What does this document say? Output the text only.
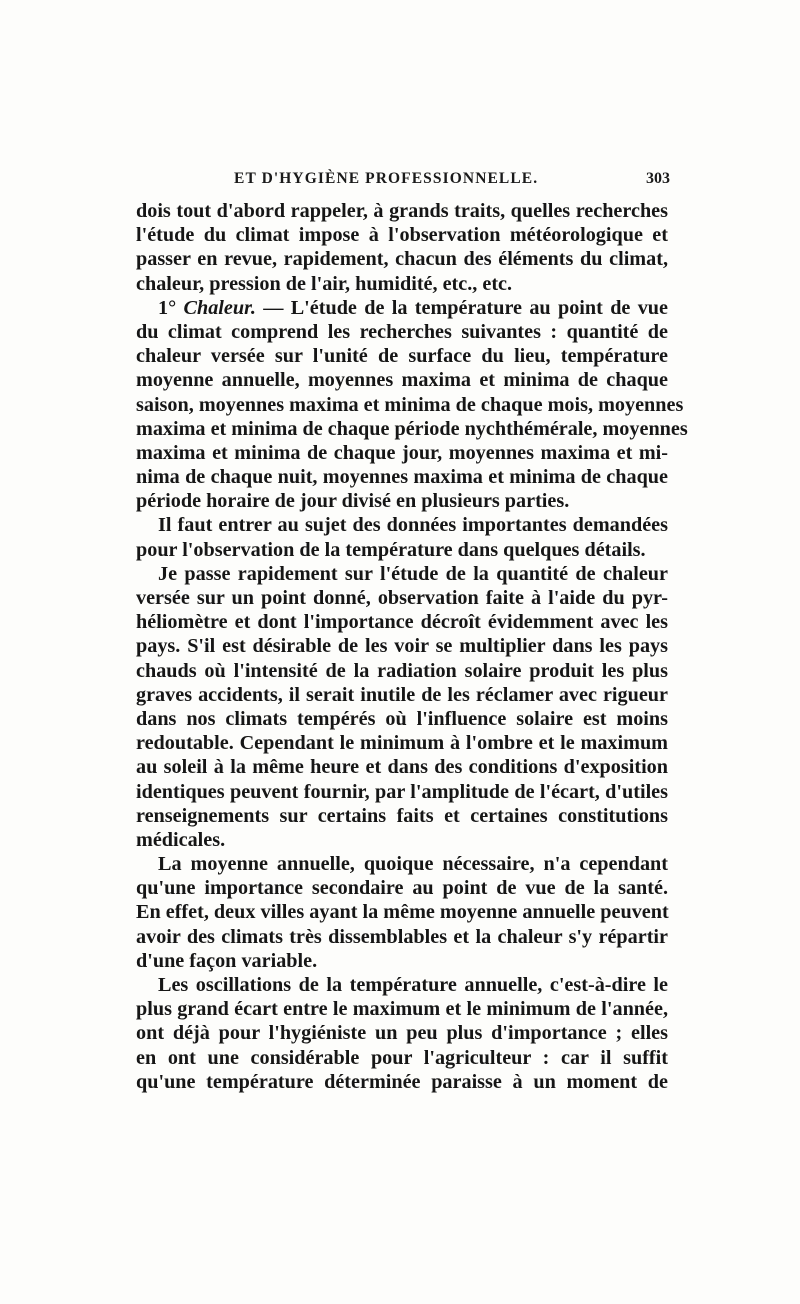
ET D'HYGIÈNE PROFESSIONNELLE.	303
dois tout d'abord rappeler, à grands traits, quelles recherches
l'étude du climat impose à l'observation météorologique et
passer en revue, rapidement, chacun des éléments du climat,
chaleur, pression de l'air, humidité, etc., etc.
1° Chaleur. — L'étude de la température au point de vue
du climat comprend les recherches suivantes : quantité de
chaleur versée sur l'unité de surface du lieu, température
moyenne annuelle, moyennes maxima et minima de chaque
saison, moyennes maxima et minima de chaque mois, moyennes
maxima et minima de chaque période nychthémérale, moyennes
maxima et minima de chaque jour, moyennes maxima et mi-
nima de chaque nuit, moyennes maxima et minima de chaque
période horaire de jour divisé en plusieurs parties.
Il faut entrer au sujet des données importantes demandées
pour l'observation de la température dans quelques détails.
Je passe rapidement sur l'étude de la quantité de chaleur
versée sur un point donné, observation faite à l'aide du pyr-
héliomètre et dont l'importance décroît évidemment avec les
pays. S'il est désirable de les voir se multiplier dans les pays
chauds où l'intensité de la radiation solaire produit les plus
graves accidents, il serait inutile de les réclamer avec rigueur
dans nos climats tempérés où l'influence solaire est moins
redoutable. Cependant le minimum à l'ombre et le maximum
au soleil à la même heure et dans des conditions d'exposition
identiques peuvent fournir, par l'amplitude de l'écart, d'utiles
renseignements sur certains faits et certaines constitutions
médicales.
La moyenne annuelle, quoique nécessaire, n'a cependant
qu'une importance secondaire au point de vue de la santé.
En effet, deux villes ayant la même moyenne annuelle peuvent
avoir des climats très dissemblables et la chaleur s'y répartir
d'une façon variable.
Les oscillations de la température annuelle, c'est-à-dire le
plus grand écart entre le maximum et le minimum de l'année,
ont déjà pour l'hygiéniste un peu plus d'importance ; elles
en ont une considérable pour l'agriculteur : car il suffit
qu'une température déterminée paraisse à un moment de
